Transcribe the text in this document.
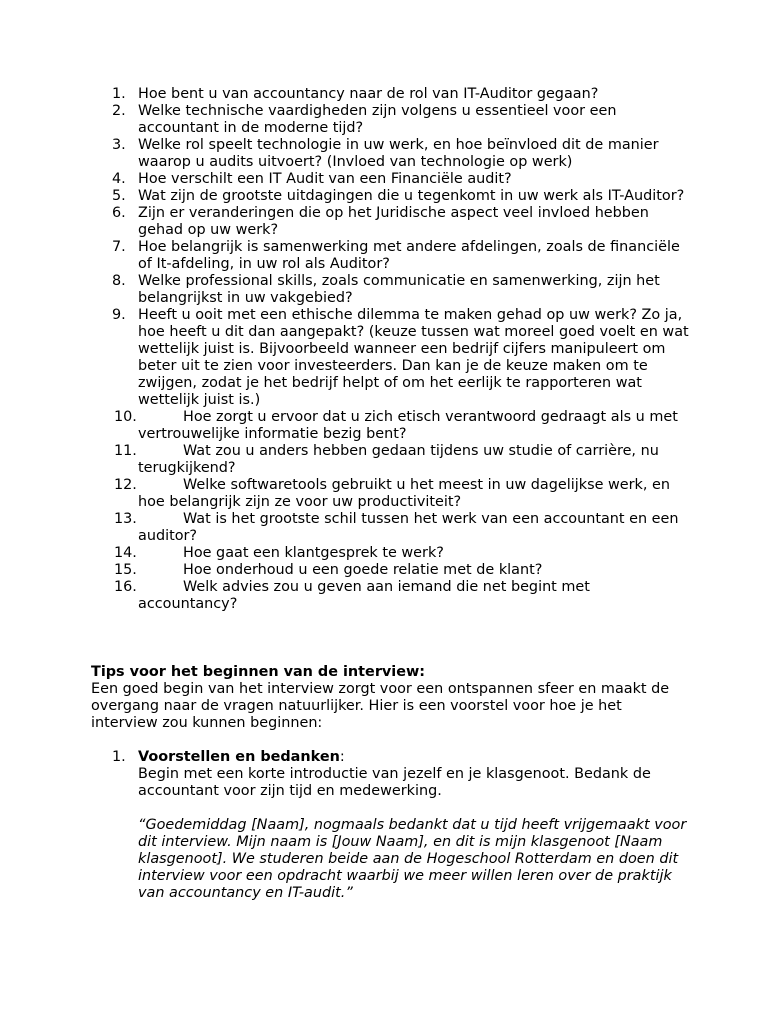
1. Hoe bent u van accountancy naar de rol van IT-Auditor gegaan?
2. Welke technische vaardigheden zijn volgens u essentieel voor een accountant in de moderne tijd?
3. Welke rol speelt technologie in uw werk, en hoe beïnvloed dit de manier waarop u audits uitvoert? (Invloed van technologie op werk)
4. Hoe verschilt een IT Audit van een Financiële audit?
5. Wat zijn de grootste uitdagingen die u tegenkomt in uw werk als IT-Auditor?
6. Zijn er veranderingen die op het Juridische aspect veel invloed hebben gehad op uw werk?
7. Hoe belangrijk is samenwerking met andere afdelingen, zoals de financiële of It-afdeling, in uw rol als Auditor?
8. Welke professional skills, zoals communicatie en samenwerking, zijn het belangrijkst in uw vakgebied?
9. Heeft u ooit met een ethische dilemma te maken gehad op uw werk? Zo ja, hoe heeft u dit dan aangepakt? (keuze tussen wat moreel goed voelt en wat wettelijk juist is. Bijvoorbeeld wanneer een bedrijf cijfers manipuleert om beter uit te zien voor investeerders. Dan kan je de keuze maken om te zwijgen, zodat je het bedrijf helpt of om het eerlijk te rapporteren wat wettelijk juist is.)
10.	Hoe zorgt u ervoor dat u zich etisch verantwoord gedraagt als u met vertrouwelijke informatie bezig bent?
11.	Wat zou u anders hebben gedaan tijdens uw studie of carrière, nu terugkijkend?
12.	Welke softwaretools gebruikt u het meest in uw dagelijkse werk, en hoe belangrijk zijn ze voor uw productiviteit?
13.	Wat is het grootste schil tussen het werk van een accountant en een auditor?
14.	Hoe gaat een klantgesprek te werk?
15.	Hoe onderhoud u een goede relatie met de klant?
16.	Welk advies zou u geven aan iemand die net begint met accountancy?
Tips voor het beginnen van de interview:
Een goed begin van het interview zorgt voor een ontspannen sfeer en maakt de overgang naar de vragen natuurlijker. Hier is een voorstel voor hoe je het interview zou kunnen beginnen:
1. Voorstellen en bedanken:
Begin met een korte introductie van jezelf en je klasgenoot. Bedank de accountant voor zijn tijd en medewerking.
“Goedemiddag [Naam], nogmaals bedankt dat u tijd heeft vrijgemaakt voor dit interview. Mijn naam is [Jouw Naam], en dit is mijn klasgenoot [Naam klasgenoot]. We studeren beide aan de Hogeschool Rotterdam en doen dit interview voor een opdracht waarbij we meer willen leren over de praktijk van accountancy en IT-audit.”
